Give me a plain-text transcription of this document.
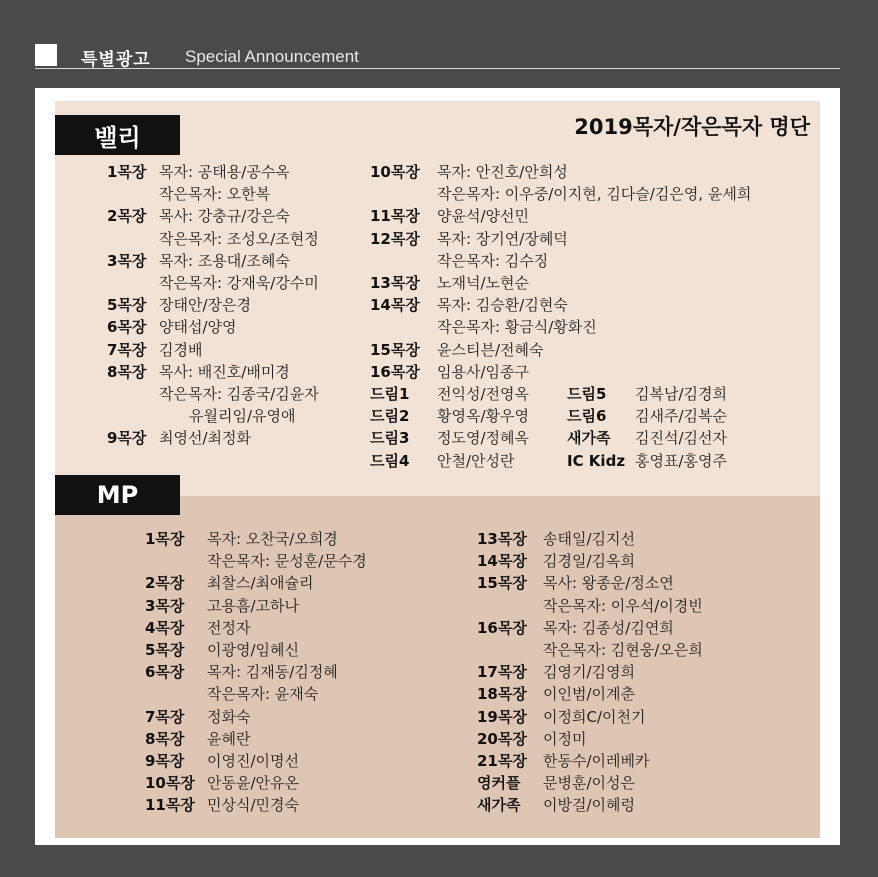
특별광고 Special Announcement
밸리	2019목자/작은목자 명단
1목장 목자: 공태용/공수옥
작은목자: 오한복
2목장 목사: 강충규/강은숙
작은목자: 조성오/조현정
3목장 목자: 조용대/조혜숙
작은목자: 강재욱/강수미
5목장 장태안/장은경
6목장 양태섭/양영
7목장 김경배
8목장 목사: 배진호/배미경
작은목자: 김종국/김윤자
유월리임/유영애
9목장 최영선/최정화
10목장 목자: 안진호/안희성
작은목자: 이우중/이지현, 김다슬/김은영, 윤세희
11목장 양윤석/양선민
12목장 목자: 장기연/장혜덕
작은목자: 김수징
13목장 노재넉/노현순
14목장 목자: 김승환/김현숙
작은목자: 황금식/황화진
15목장 윤스티븐/전혜숙
16목장 임용사/임종구
드림1 전익성/전영옥
드림2 황영옥/황우영
드림3 정도영/정혜옥
드림4 안철/안성란
드림5 김복남/김경희
드림6 김새주/김복순
새가족 김진석/김선자
IC Kidz 홍영표/홍영주
MP
1목장 목자: 오찬국/오희경
작은목자: 문성훈/문수경
2목장 최찰스/최애슐리
3목장 고용흠/고하나
4목장 전정자
5목장 이광영/임혜신
6목장 목자: 김재동/김정혜
작은목자: 윤재숙
7목장 정화숙
8목장 윤혜란
9목장 이영진/이명선
10목장 안동윤/안유온
11목장 민상식/민경숙
13목장 송태일/김지선
14목장 김경일/김옥희
15목장 목사: 왕종운/정소연
작은목자: 이우석/이경빈
16목장 목자: 김종성/김연희
작은목자: 김현웅/오은희
17목장 김영기/김영희
18목장 이인범/이계춘
19목장 이정희C/이천기
20목장 이정미
21목장 한동수/이레베카
영커플 문병훈/이성은
새가족 이방걸/이혜렁
